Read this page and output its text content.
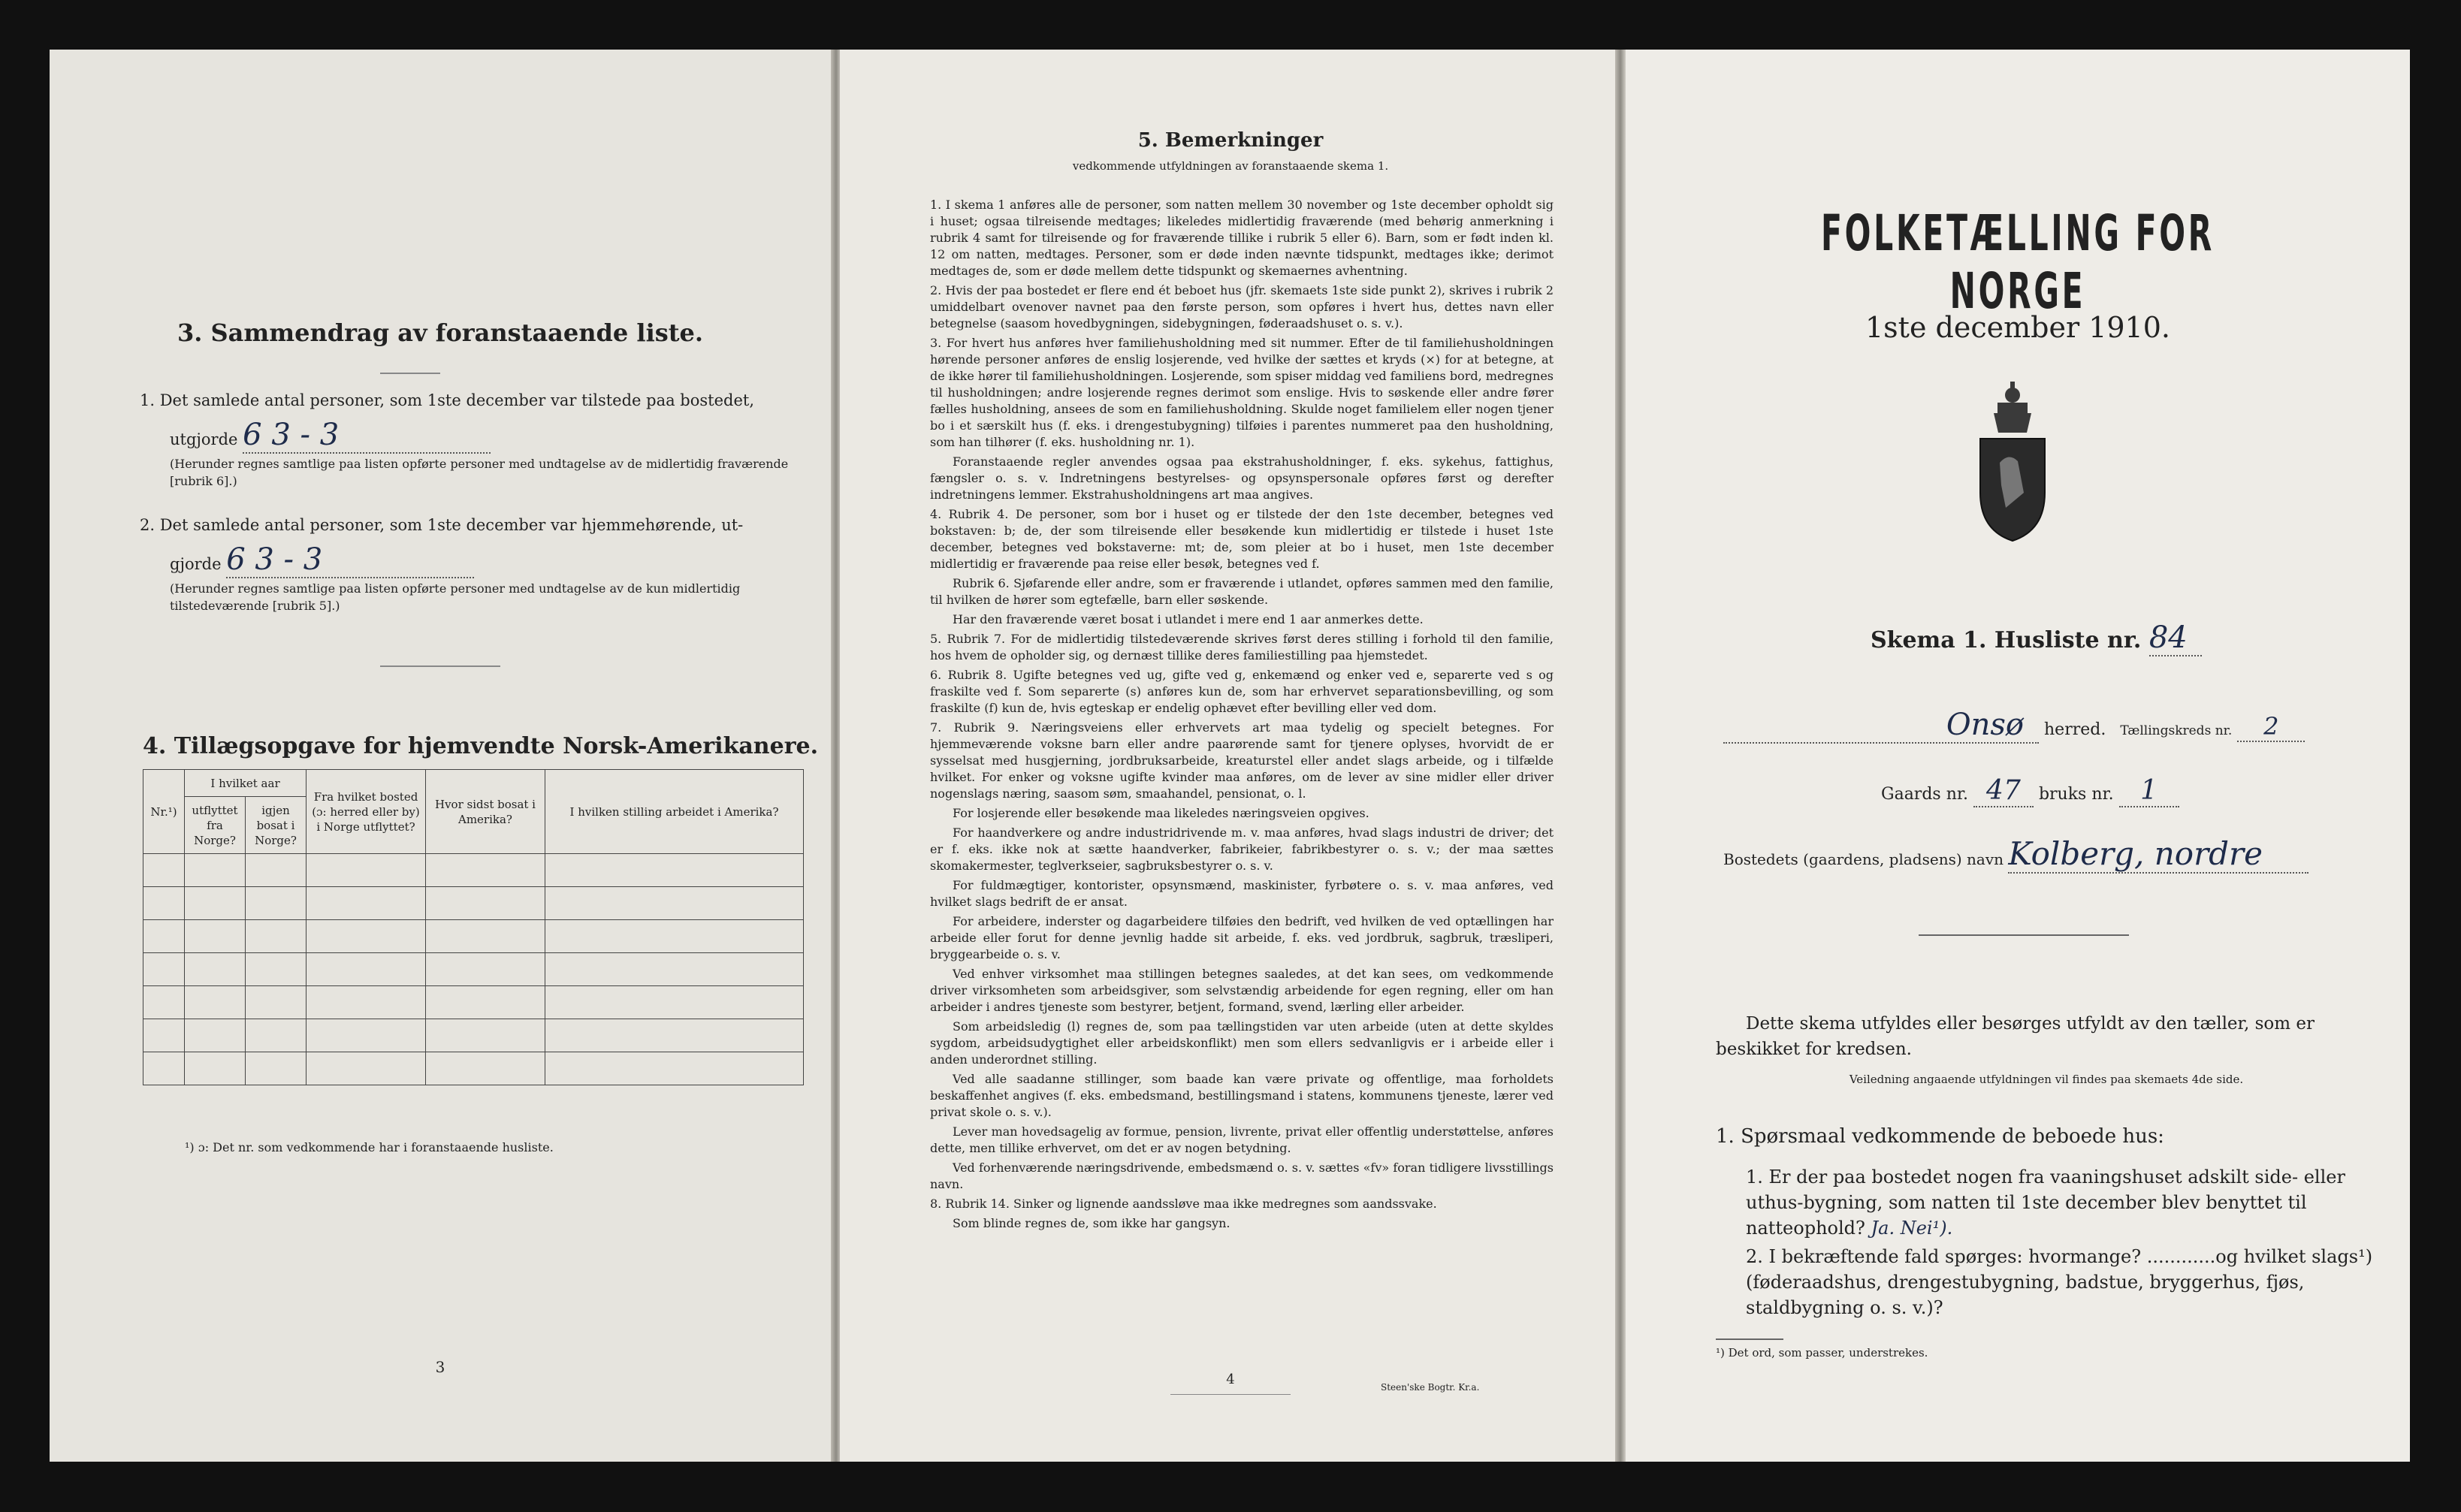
3. Sammendrag av foranstaaende liste.
1. Det samlede antal personer, som 1ste december var tilstede paa bostedet,
utgjorde 6 3 - 3
(Herunder regnes samtlige paa listen opførte personer med undtagelse av de midlertidig fraværende [rubrik 6].)
2. Det samlede antal personer, som 1ste december var hjemmehørende, ut-
gjorde 6 3 - 3
(Herunder regnes samtlige paa listen opførte personer med undtagelse av de kun midlertidig tilstedeværende [rubrik 5].)
4. Tillægsopgave for hjemvendte Norsk-Amerikanere.
Nr.¹)	I hvilket aar		Fra hvilket bosted (ɔ: herred eller by) i Norge utflyttet?	Hvor sidst bosat i Amerika?	I hvilken stilling arbeidet i Amerika?
	utflyttet fra Norge?	igjen bosat i Norge?			

¹) ɔ: Det nr. som vedkommende har i foranstaaende husliste.
3
5. Bemerkninger
vedkommende utfyldningen av foranstaaende skema 1.

1. I skema 1 anføres alle de personer, som natten mellem 30 november og 1ste december opholdt sig i huset; ogsaa tilreisende medtages; likeledes midlertidig fraværende (med behørig anmerkning i rubrik 4 samt for tilreisende og for fraværende tillike i rubrik 5 eller 6). Barn, som er født inden kl. 12 om natten, medtages. Personer, som er døde inden nævnte tidspunkt, medtages ikke; derimot medtages de, som er døde mellem dette tidspunkt og skemaernes avhentning.

2. Hvis der paa bostedet er flere end ét beboet hus (jfr. skemaets 1ste side punkt 2), skrives i rubrik 2 umiddelbart ovenover navnet paa den første person, som opføres i hvert hus, dettes navn eller betegnelse (saasom hovedbygningen, sidebygningen, føderaadshuset o. s. v.).

3. For hvert hus anføres hver familiehusholdning med sit nummer. Efter de til familiehusholdningen hørende personer anføres de enslig losjerende, ved hvilke der sættes et kryds (×) for at betegne, at de ikke hører til familiehusholdningen. Losjerende, som spiser middag ved familiens bord, medregnes til husholdningen; andre losjerende regnes derimot som enslige. Hvis to søskende eller andre fører fælles husholdning, ansees de som en familiehusholdning. Skulde noget familielem eller nogen tjener bo i et særskilt hus (f. eks. i drengestubygning) tilføies i parentes nummeret paa den husholdning, som han tilhører (f. eks. husholdning nr. 1).

Foranstaaende regler anvendes ogsaa paa ekstrahusholdninger, f. eks. sykehus, fattighus, fængsler o. s. v. Indretningens bestyrelses- og opsynspersonale opføres først og derefter indretningens lemmer. Ekstrahusholdningens art maa angives.

4. Rubrik 4. De personer, som bor i huset og er tilstede der den 1ste december, betegnes ved bokstaven: b; de, der som tilreisende eller besøkende kun midlertidig er tilstede i huset 1ste december, betegnes ved bokstaverne: mt; de, som pleier at bo i huset, men 1ste december midlertidig er fraværende paa reise eller besøk, betegnes ved f.

Rubrik 6. Sjøfarende eller andre, som er fraværende i utlandet, opføres sammen med den familie, til hvilken de hører som egtefælle, barn eller søskende.

Har den fraværende været bosat i utlandet i mere end 1 aar anmerkes dette.

5. Rubrik 7. For de midlertidig tilstedeværende skrives først deres stilling i forhold til den familie, hos hvem de opholder sig, og dernæst tillike deres familiestilling paa hjemstedet.

6. Rubrik 8. Ugifte betegnes ved ug, gifte ved g, enkemænd og enker ved e, separerte ved s og fraskilte ved f. Som separerte (s) anføres kun de, som har erhvervet separationsbevilling, og som fraskilte (f) kun de, hvis egteskap er endelig ophævet efter bevilling eller ved dom.

7. Rubrik 9. Næringsveiens eller erhvervets art maa tydelig og specielt betegnes. For hjemmeværende voksne barn eller andre paarørende samt for tjenere oplyses, hvorvidt de er sysselsat med husgjerning, jordbruksarbeide, kreaturstel eller andet slags arbeide, og i tilfælde hvilket. For enker og voksne ugifte kvinder maa anføres, om de lever av sine midler eller driver nogenslags næring, saasom søm, smaahandel, pensionat, o. l.

For losjerende eller besøkende maa likeledes næringsveien opgives.

For haandverkere og andre industridrivende m. v. maa anføres, hvad slags industri de driver; det er f. eks. ikke nok at sætte haandverker, fabrikeier, fabrikbestyrer o. s. v.; der maa sættes skomakermester, teglverkseier, sagbruksbestyrer o. s. v.

For fuldmægtiger, kontorister, opsynsmænd, maskinister, fyrbøtere o. s. v. maa anføres, ved hvilket slags bedrift de er ansat.

For arbeidere, inderster og dagarbeidere tilføies den bedrift, ved hvilken de ved optællingen har arbeide eller forut for denne jevnlig hadde sit arbeide, f. eks. ved jordbruk, sagbruk, træsliperi, bryggearbeide o. s. v.

Ved enhver virksomhet maa stillingen betegnes saaledes, at det kan sees, om vedkommende driver virksomheten som arbeidsgiver, som selvstændig arbeidende for egen regning, eller om han arbeider i andres tjeneste som bestyrer, betjent, formand, svend, lærling eller arbeider.

Som arbeidsledig (l) regnes de, som paa tællingstiden var uten arbeide (uten at dette skyldes sygdom, arbeidsudygtighet eller arbeidskonflikt) men som ellers sedvanligvis er i arbeide eller i anden underordnet stilling.

Ved alle saadanne stillinger, som baade kan være private og offentlige, maa forholdets beskaffenhet angives (f. eks. embedsmand, bestillingsmand i statens, kommunens tjeneste, lærer ved privat skole o. s. v.).

Lever man hovedsagelig av formue, pension, livrente, privat eller offentlig understøttelse, anføres dette, men tillike erhvervet, om det er av nogen betydning.

Ved forhenværende næringsdrivende, embedsmænd o. s. v. sættes «fv» foran tidligere livsstillings navn.

8. Rubrik 14. Sinker og lignende aandssløve maa ikke medregnes som aandssvake.

Som blinde regnes de, som ikke har gangsyn.

4	Steen'ske Bogtr. Kr.a.
FOLKETÆLLING FOR NORGE
1ste december 1910.
Skema 1. Husliste nr. 84
Onsø herred. Tællingskreds nr. 2
Gaards nr. 47 bruks nr. 1
Bostedets (gaardens, pladsens) navn Kolberg, nordre
Dette skema utfyldes eller besørges utfyldt av den tæller, som er beskikket for kredsen.
Veiledning angaaende utfyldningen vil findes paa skemaets 4de side.
1. Spørsmaal vedkommende de beboede hus:
1. Er der paa bostedet nogen fra vaaningshuset adskilt side- eller uthus-bygning, som natten til 1ste december blev benyttet til natteophold? Ja. Nei¹).
2. I bekræftende fald spørges: hvormange? ............og hvilket slags¹) (føderaadshus, drengestubygning, badstue, bryggerhus, fjøs, staldbygning o. s. v.)?
¹) Det ord, som passer, understrekes.
